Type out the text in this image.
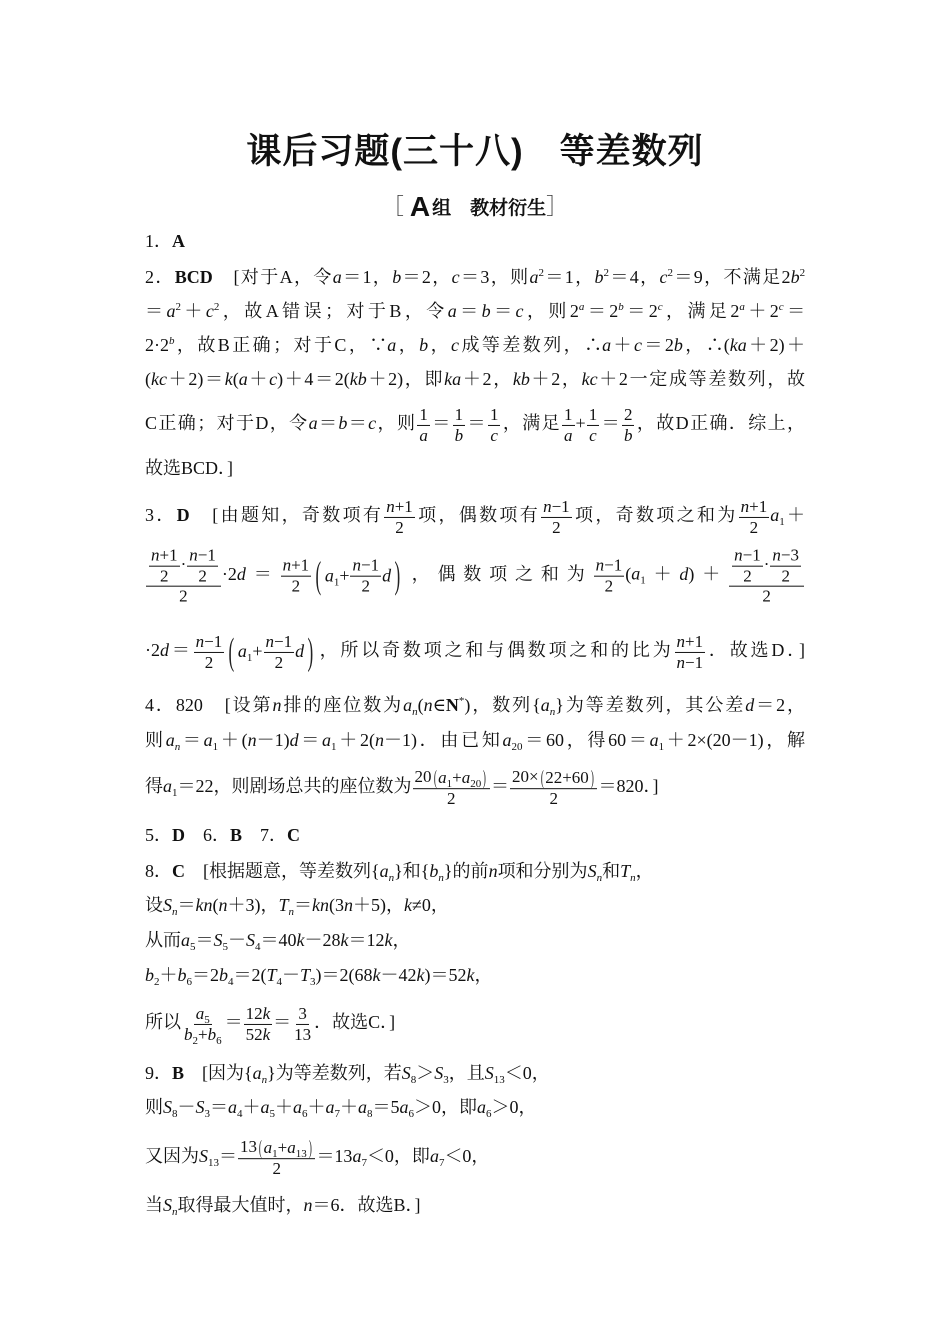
课后习题(三十八)　等差数列
［ A 组　教材衍生］
1．A
2．BCD　[对于A，令a＝1，b＝2，c＝3，则$a^2=1$，$b^2=4$，$c^2=9$，不满足$2b^2$
$=a^2+c^2$，故A错误；对于B，令a＝b＝c，则$2^a=2^b=2^c$，满足$2^a+2^c=$
$2\cdot 2^b$，故B正确；对于C，∵a，b，c成等差数列，∴a＋c＝2b，∴(ka＋2)＋
(kc＋2)＝k(a＋c)＋4＝2(kb＋2)，即ka＋2，kb＋2，kc＋2一定成等差数列，故
C正确；对于D，令a＝b＝c，则 $\frac{1}{a} = \frac{1}{b} = \frac{1}{c}$ ，满足 $\frac{1}{a} + \frac{1}{c} = \frac{2}{b}$ ，故D正确．综上，
故选BCD．]
3．D　[由题知，奇数项有 $\frac{n+1}{2}$ 项，偶数项有 $\frac{n-1}{2}$ 项，奇数项之和为 $\frac{n+1}{2} a_1+$
$\frac{\frac{n+1}{2} \cdot \frac{n-1}{2}}{2} \cdot 2d= \frac{n+1}{2}$ ( $a_1 + \frac{n-1}{2}$ d ) ，偶数项之和为 $\frac{n-1}{2} (a_1+d)+ \frac{\frac{n-1}{2} \cdot \frac{n-3}{2}}{2}$
$\cdot 2d= \frac{n-1}{2}$ ( $a_1 + \frac{n-1}{2}$ d ) ，所以奇数项之和与偶数项之和的比为 $\frac{n+1}{n-1}$ ．故选D．]
4．820　[设第n排的座位数为$a_n(n\in N^*)$，数列$\{a_n\}$为等差数列，其公差d＝2，
则$a_n=a_1+(n-1)d=a_1+2(n-1)$．由已知$a_{20}=60$，得$60=a_1+2\times(20-1)$，解
得$a_1=22$，则剧场总共的座位数为 $\frac{20 ( a_1 + a_{20} )}{2} = \frac{20\times ( 22+60 )}{2} =820$．]
5．D　6．B　7．C
8．C　[根据题意，等差数列$\{a_n\}$和$\{b_n\}$的前n项和分别为$S_n$和$T_n$，
设$S_n=kn(n+3)$，$T_n=kn(3n+5)$，k≠0，
从而$a_5=S_5-S_4=40k-28k=12k$，
$b_2+b_6=2b_4=2(T_4-T_3)=2(68k-42k)=52k$，
所以 $\frac{a_5}{b_2+b_6} = \frac{12k}{52k} = \frac{3}{13}$ ．故选C．]
9．B　[因为$\{a_n\}$为等差数列，若$S_8>S_3$，且$S_{13}<0$，
则$S_8-S_3=a_4+a_5+a_6+a_7+a_8=5a_6>0$，即$a_6>0$，
又因为$S_{13}= \frac{13 ( a_1 + a_{13} )}{2} =13a_7<0$，即$a_7<0$，
当$S_n$取得最大值时，n＝6．故选B．]
